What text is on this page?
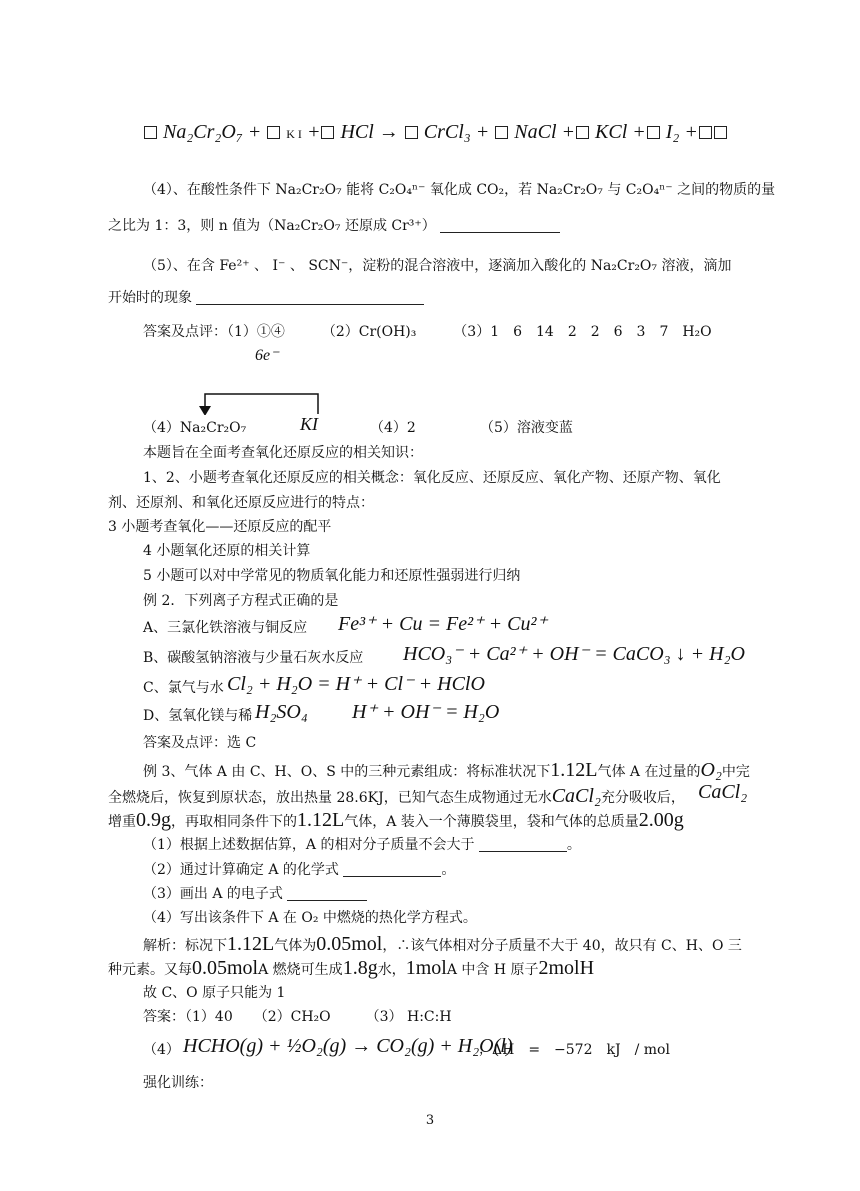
Na₂Cr₂O₇ + K I + HCl → CrCl₃ + NaCl + KCl + I₂ +
（4）、在酸性条件下 Na₂Cr₂O₇ 能将 C₂O₄ⁿ⁻ 氧化成 CO₂，若 Na₂Cr₂O₇ 与 C₂O₄ⁿ⁻ 之间的物质的量
之比为 1：3，则 n 值为（Na₂Cr₂O₇ 还原成 Cr³⁺）
（5）、在含 Fe²⁺ 、 I⁻ 、 SCN⁻，淀粉的混合溶液中，逐滴加入酸化的 Na₂Cr₂O₇ 溶液，滴加
开始时的现象
答案及点评：（1）①④	（2）Cr(OH)₃	（3）1　6　14　2　2　6　3　7　H₂O
6e⁻
（4）Na₂Cr₂O₇	KI	（4）2	（5）溶液变蓝
本题旨在全面考查氧化还原反应的相关知识：
1、2、小题考查氧化还原反应的相关概念：氧化反应、还原反应、氧化产物、还原产物、氧化
剂、还原剂、和氧化还原反应进行的特点：
3 小题考查氧化——还原反应的配平
4 小题氧化还原的相关计算
5 小题可以对中学常见的物质氧化能力和还原性强弱进行归纳
例 2．下列离子方程式正确的是
A、三氯化铁溶液与铜反应 Fe³⁺ + Cu = Fe²⁺ + Cu²⁺
B、碳酸氢钠溶液与少量石灰水反应 HCO₃⁻ + Ca²⁺ + OH⁻ = CaCO₃ ↓ + H₂O
C、氯气与水 Cl₂ + H₂O = H⁺ + Cl⁻ + HClO
D、氢氧化镁与稀 H₂SO₄ H⁺ + OH⁻ = H₂O
答案及点评：选 C
例 3、气体 A 由 C、H、O、S 中的三种元素组成：将标准状况下1.12L气体 A 在过量的O₂中完
全燃烧后，恢复到原状态，放出热量 28.6KJ，已知气态生成物通过无水CaCl₂充分吸收后， CaCl₂
增重0.9g，再取相同条件下的1.12L气体，A 装入一个薄膜袋里，袋和气体的总质量2.00g
（1）根据上述数据估算，A 的相对分子质量不会大于	。
（2）通过计算确定 A 的化学式	。
（3）画出 A 的电子式
（4）写出该条件下 A 在 O₂ 中燃烧的热化学方程式。
解析：标况下1.12L气体为0.05mol，∴该气体相对分子质量不大于 40，故只有 C、H、O 三
种元素。又每0.05molA 燃烧可生成1.8g水，1molA 中含 H 原子2molH
故 C、O 原子只能为 1
答案：（1）40　　（2）CH₂O　　　（3） H:C:H
（4） HCHO(g) + ½O₂(g) → CO₂(g) + H₂O(l)
；ΔH　=　−572　kJ　/ mol
强化训练：
3
